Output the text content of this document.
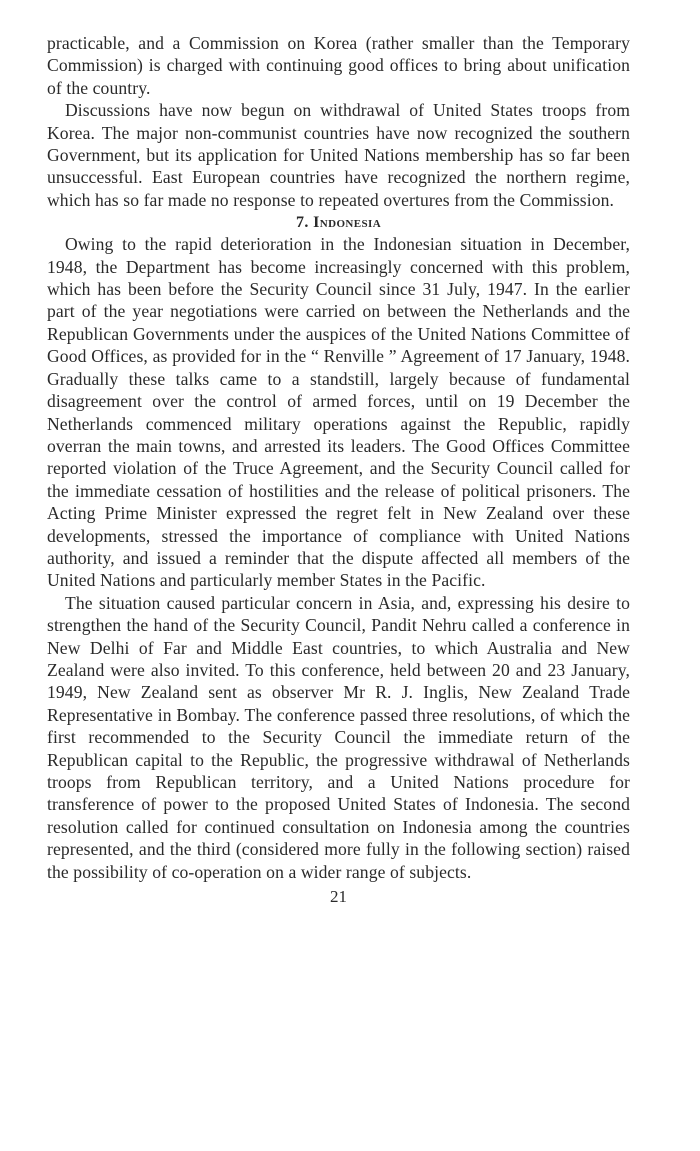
practicable, and a Commission on Korea (rather smaller than the Temporary Commission) is charged with continuing good offices to bring about unification of the country.

Discussions have now begun on withdrawal of United States troops from Korea. The major non-communist countries have now recognized the southern Government, but its application for United Nations membership has so far been unsuccessful. East European countries have recognized the northern regime, which has so far made no response to repeated overtures from the Commission.

7. Indonesia

Owing to the rapid deterioration in the Indonesian situation in December, 1948, the Department has become increasingly concerned with this problem, which has been before the Security Council since 31 July, 1947. In the earlier part of the year negotiations were carried on between the Netherlands and the Republican Governments under the auspices of the United Nations Committee of Good Offices, as provided for in the “ Renville ” Agreement of 17 January, 1948. Gradually these talks came to a standstill, largely because of fundamental disagreement over the control of armed forces, until on 19 December the Netherlands commenced military operations against the Republic, rapidly overran the main towns, and arrested its leaders. The Good Offices Committee reported violation of the Truce Agreement, and the Security Council called for the immediate cessation of hostilities and the release of political prisoners. The Acting Prime Minister expressed the regret felt in New Zealand over these developments, stressed the importance of compliance with United Nations authority, and issued a reminder that the dispute affected all members of the United Nations and particularly member States in the Pacific.

The situation caused particular concern in Asia, and, expressing his desire to strengthen the hand of the Security Council, Pandit Nehru called a conference in New Delhi of Far and Middle East countries, to which Australia and New Zealand were also invited. To this conference, held between 20 and 23 January, 1949, New Zealand sent as observer Mr R. J. Inglis, New Zealand Trade Representative in Bombay. The conference passed three resolutions, of which the first recommended to the Security Council the immediate return of the Republican capital to the Republic, the progressive withdrawal of Netherlands troops from Republican territory, and a United Nations procedure for transference of power to the proposed United States of Indonesia. The second resolution called for continued consultation on Indonesia among the countries represented, and the third (considered more fully in the following section) raised the possibility of co-operation on a wider range of subjects.

21
